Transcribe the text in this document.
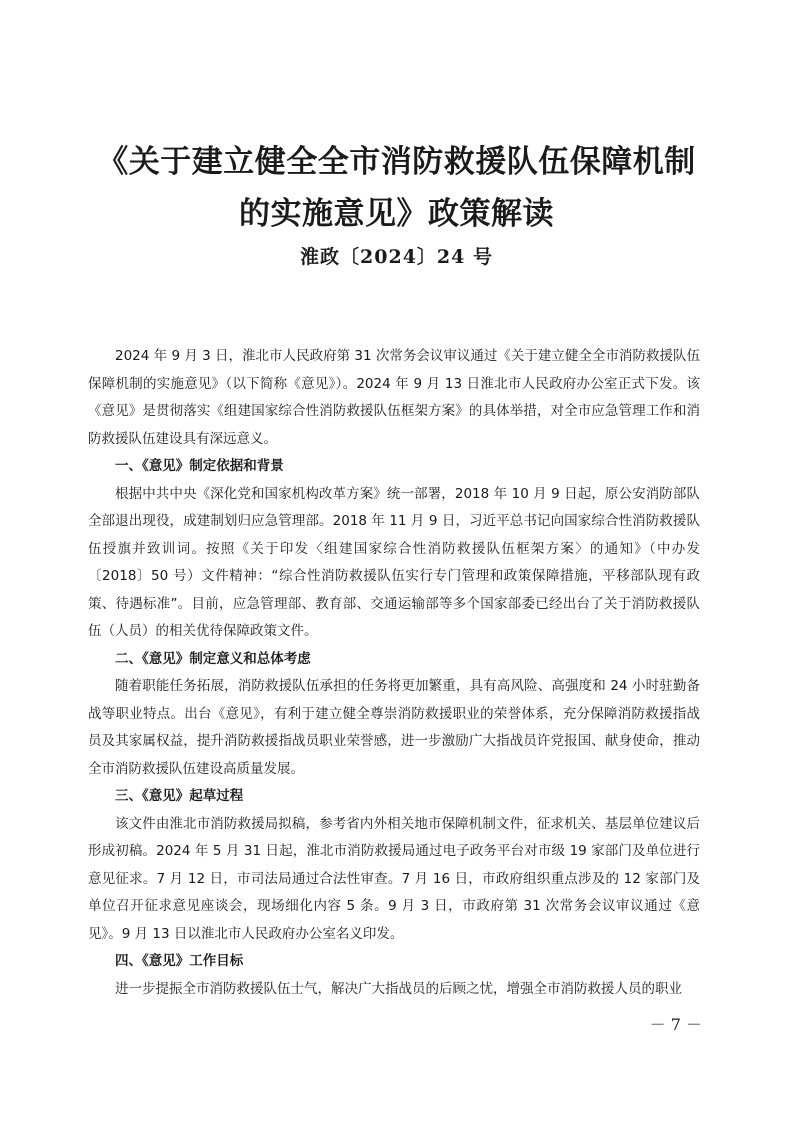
《关于建立健全全市消防救援队伍保障机制
的实施意见》政策解读
淮政〔2024〕24 号

2024 年 9 月 3 日，淮北市人民政府第 31 次常务会议审议通过《关于建立健全全市消防救援队伍保障机制的实施意见》（以下简称《意见》）。2024 年 9 月 13 日淮北市人民政府办公室正式下发。该《意见》是贯彻落实《组建国家综合性消防救援队伍框架方案》的具体举措，对全市应急管理工作和消防救援队伍建设具有深远意义。

一、《意见》制定依据和背景

根据中共中央《深化党和国家机构改革方案》统一部署，2018 年 10 月 9 日起，原公安消防部队全部退出现役，成建制划归应急管理部。2018 年 11 月 9 日，习近平总书记向国家综合性消防救援队伍授旗并致训词。按照《关于印发〈组建国家综合性消防救援队伍框架方案〉的通知》（中办发〔2018〕50 号）文件精神：“综合性消防救援队伍实行专门管理和政策保障措施，平移部队现有政策、待遇标准”。目前，应急管理部、教育部、交通运输部等多个国家部委已经出台了关于消防救援队伍（人员）的相关优待保障政策文件。

二、《意见》制定意义和总体考虑

随着职能任务拓展，消防救援队伍承担的任务将更加繁重，具有高风险、高强度和 24 小时驻勤备战等职业特点。出台《意见》，有利于建立健全尊崇消防救援职业的荣誉体系，充分保障消防救援指战员及其家属权益，提升消防救援指战员职业荣誉感，进一步激励广大指战员许党报国、献身使命，推动全市消防救援队伍建设高质量发展。

三、《意见》起草过程

该文件由淮北市消防救援局拟稿，参考省内外相关地市保障机制文件，征求机关、基层单位建议后形成初稿。2024 年 5 月 31 日起，淮北市消防救援局通过电子政务平台对市级 19 家部门及单位进行意见征求。7 月 12 日，市司法局通过合法性审查。7 月 16 日，市政府组织重点涉及的 12 家部门及单位召开征求意见座谈会，现场细化内容 5 条。9 月 3 日，市政府第 31 次常务会议审议通过《意见》。9 月 13 日以淮北市人民政府办公室名义印发。

四、《意见》工作目标

进一步提振全市消防救援队伍士气，解决广大指战员的后顾之忧，增强全市消防救援人员的职业

－ 7 －
